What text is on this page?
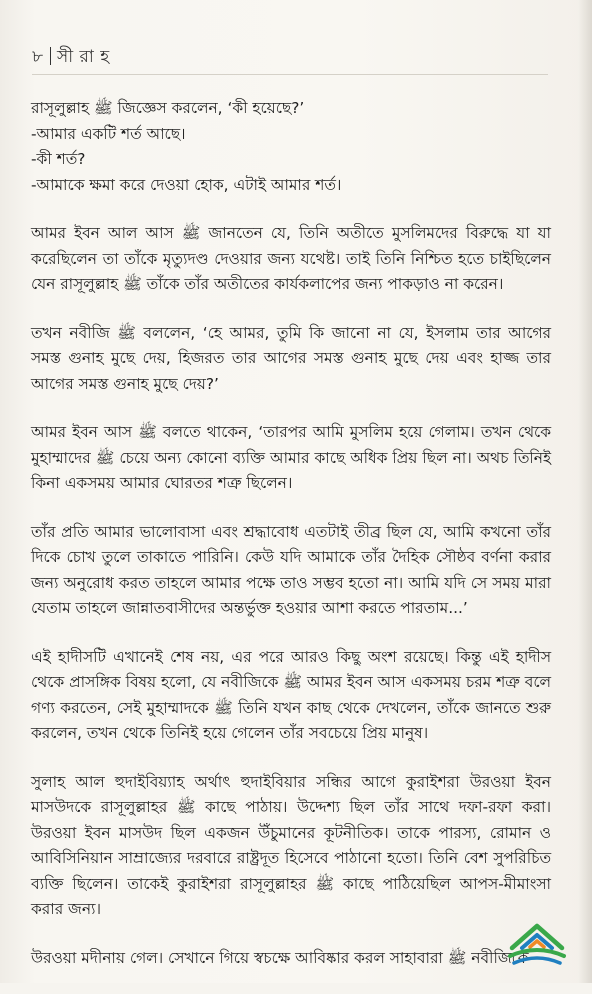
৮ সী রা হ

রাসূলুল্লাহ ﷺ জিজ্ঞেস করলেন, ‘কী হয়েছে?’
-আমার একটি শর্ত আছে।
-কী শর্ত?
-আমাকে ক্ষমা করে দেওয়া হোক, এটাই আমার শর্ত।

আমর ইবন আল আস ﷺ জানতেন যে, তিনি অতীতে মুসলিমদের বিরুদ্ধে যা যা করেছিলেন তা তাঁকে মৃত্যুদণ্ড দেওয়ার জন্য যথেষ্ট। তাই তিনি নিশ্চিত হতে চাইছিলেন যেন রাসূলুল্লাহ ﷺ তাঁকে তাঁর অতীতের কার্যকলাপের জন্য পাকড়াও না করেন।

তখন নবীজি ﷺ বললেন, ‘হে আমর, তুমি কি জানো না যে, ইসলাম তার আগের সমস্ত গুনাহ মুছে দেয়, হিজরত তার আগের সমস্ত গুনাহ মুছে দেয় এবং হাজ্জ তার আগের সমস্ত গুনাহ মুছে দেয়?’

আমর ইবন আস ﷺ বলতে থাকেন, ‘তারপর আমি মুসলিম হয়ে গেলাম। তখন থেকে মুহাম্মাদের ﷺ চেয়ে অন্য কোনো ব্যক্তি আমার কাছে অধিক প্রিয় ছিল না। অথচ তিনিই কিনা একসময় আমার ঘোরতর শত্রু ছিলেন।

তাঁর প্রতি আমার ভালোবাসা এবং শ্রদ্ধাবোধ এতটাই তীব্র ছিল যে, আমি কখনো তাঁর দিকে চোখ তুলে তাকাতে পারিনি। কেউ যদি আমাকে তাঁর দৈহিক সৌষ্ঠব বর্ণনা করার জন্য অনুরোধ করত তাহলে আমার পক্ষে তাও সম্ভব হতো না। আমি যদি সে সময় মারা যেতাম তাহলে জান্নাতবাসীদের অন্তর্ভুক্ত হওয়ার আশা করতে পারতাম...’

এই হাদীসটি এখানেই শেষ নয়, এর পরে আরও কিছু অংশ রয়েছে। কিন্তু এই হাদীস থেকে প্রাসঙ্গিক বিষয় হলো, যে নবীজিকে ﷺ আমর ইবন আস একসময় চরম শত্রু বলে গণ্য করতেন, সেই মুহাম্মাদকে ﷺ তিনি যখন কাছ থেকে দেখলেন, তাঁকে জানতে শুরু করলেন, তখন থেকে তিনিই হয়ে গেলেন তাঁর সবচেয়ে প্রিয় মানুষ।

সুলাহ আল হুদাইবিয়্যাহ অর্থাৎ হুদাইবিয়ার সন্ধির আগে কুরাইশরা উরওয়া ইবন মাসউদকে রাসূলুল্লাহর ﷺ কাছে পাঠায়। উদ্দেশ্য ছিল তাঁর সাথে দফা-রফা করা। উরওয়া ইবন মাসউদ ছিল একজন উঁচুমানের কূটনীতিক। তাকে পারস্য, রোমান ও আবিসিনিয়ান সাম্রাজ্যের দরবারে রাষ্ট্রদূত হিসেবে পাঠানো হতো। তিনি বেশ সুপরিচিত ব্যক্তি ছিলেন। তাকেই কুরাইশরা রাসূলুল্লাহর ﷺ কাছে পাঠিয়েছিল আপস-মীমাংসা করার জন্য।

উরওয়া মদীনায় গেল। সেখানে গিয়ে স্বচক্ষে আবিষ্কার করল সাহাবারা ﷺ নবীজিকে
